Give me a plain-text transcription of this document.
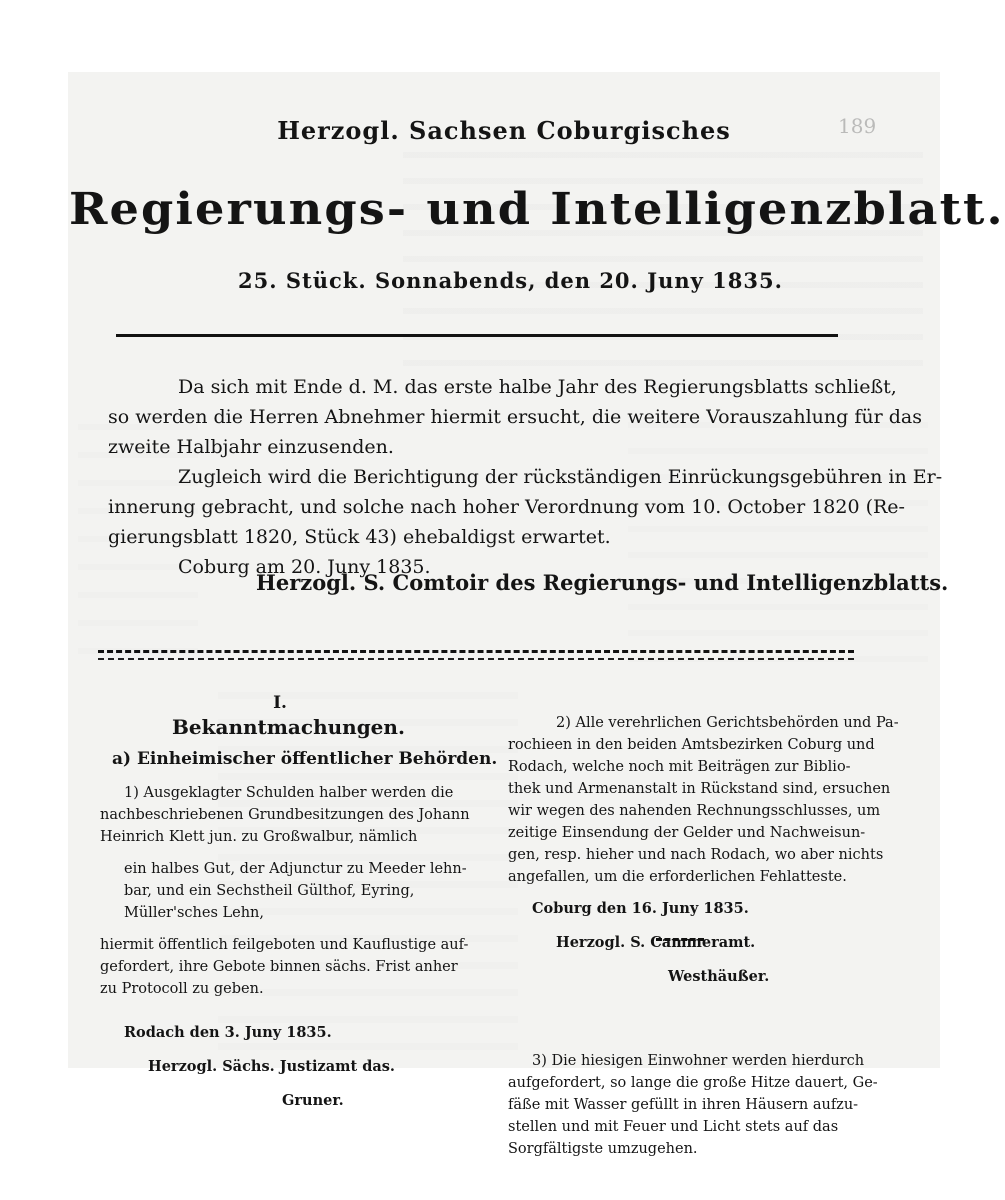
189
Herzogl. Sachsen Coburgisches
Regierungs- und Intelligenzblatt.
25. Stück. Sonnabends, den 20. Juny 1835.
Da sich mit Ende d. M. das erste halbe Jahr des Regierungsblatts schließt,
so werden die Herren Abnehmer hiermit ersucht, die weitere Vorauszahlung für das
zweite Halbjahr einzusenden.
Zugleich wird die Berichtigung der rückständigen Einrückungsgebühren in Er-
innerung gebracht, und solche nach hoher Verordnung vom 10. October 1820 (Re-
gierungsblatt 1820, Stück 43) ehebaldigst erwartet.
Coburg am 20. Juny 1835.
Herzogl. S. Comtoir des Regierungs- und Intelligenzblatts.
I.
Bekanntmachungen.
a) Einheimischer öffentlicher Behörden.
1) Ausgeklagter Schulden halber werden die
nachbeschriebenen Grundbesitzungen des Johann
Heinrich Klett jun. zu Großwalbur, nämlich
ein halbes Gut, der Adjunctur zu Meeder lehn-
bar, und ein Sechstheil Gülthof, Eyring,
Müller'sches Lehn,
hiermit öffentlich feilgeboten und Kauflustige auf-
gefordert, ihre Gebote binnen sächs. Frist anher
zu Protocoll zu geben.
Rodach den 3. Juny 1835.
Herzogl. Sächs. Justizamt das.
Gruner.
2) Alle verehrlichen Gerichtsbehörden und Pa-
rochieen in den beiden Amtsbezirken Coburg und
Rodach, welche noch mit Beiträgen zur Biblio-
thek und Armenanstalt in Rückstand sind, ersuchen
wir wegen des nahenden Rechnungsschlusses, um
zeitige Einsendung der Gelder und Nachweisun-
gen, resp. hieher und nach Rodach, wo aber nichts
angefallen, um die erforderlichen Fehlatteste.
Coburg den 16. Juny 1835.
Herzogl. S. Cammeramt.
Westhäußer.
3) Die hiesigen Einwohner werden hierdurch
aufgefordert, so lange die große Hitze dauert, Ge-
fäße mit Wasser gefüllt in ihren Häusern aufzu-
stellen und mit Feuer und Licht stets auf das
Sorgfältigste umzugehen.
